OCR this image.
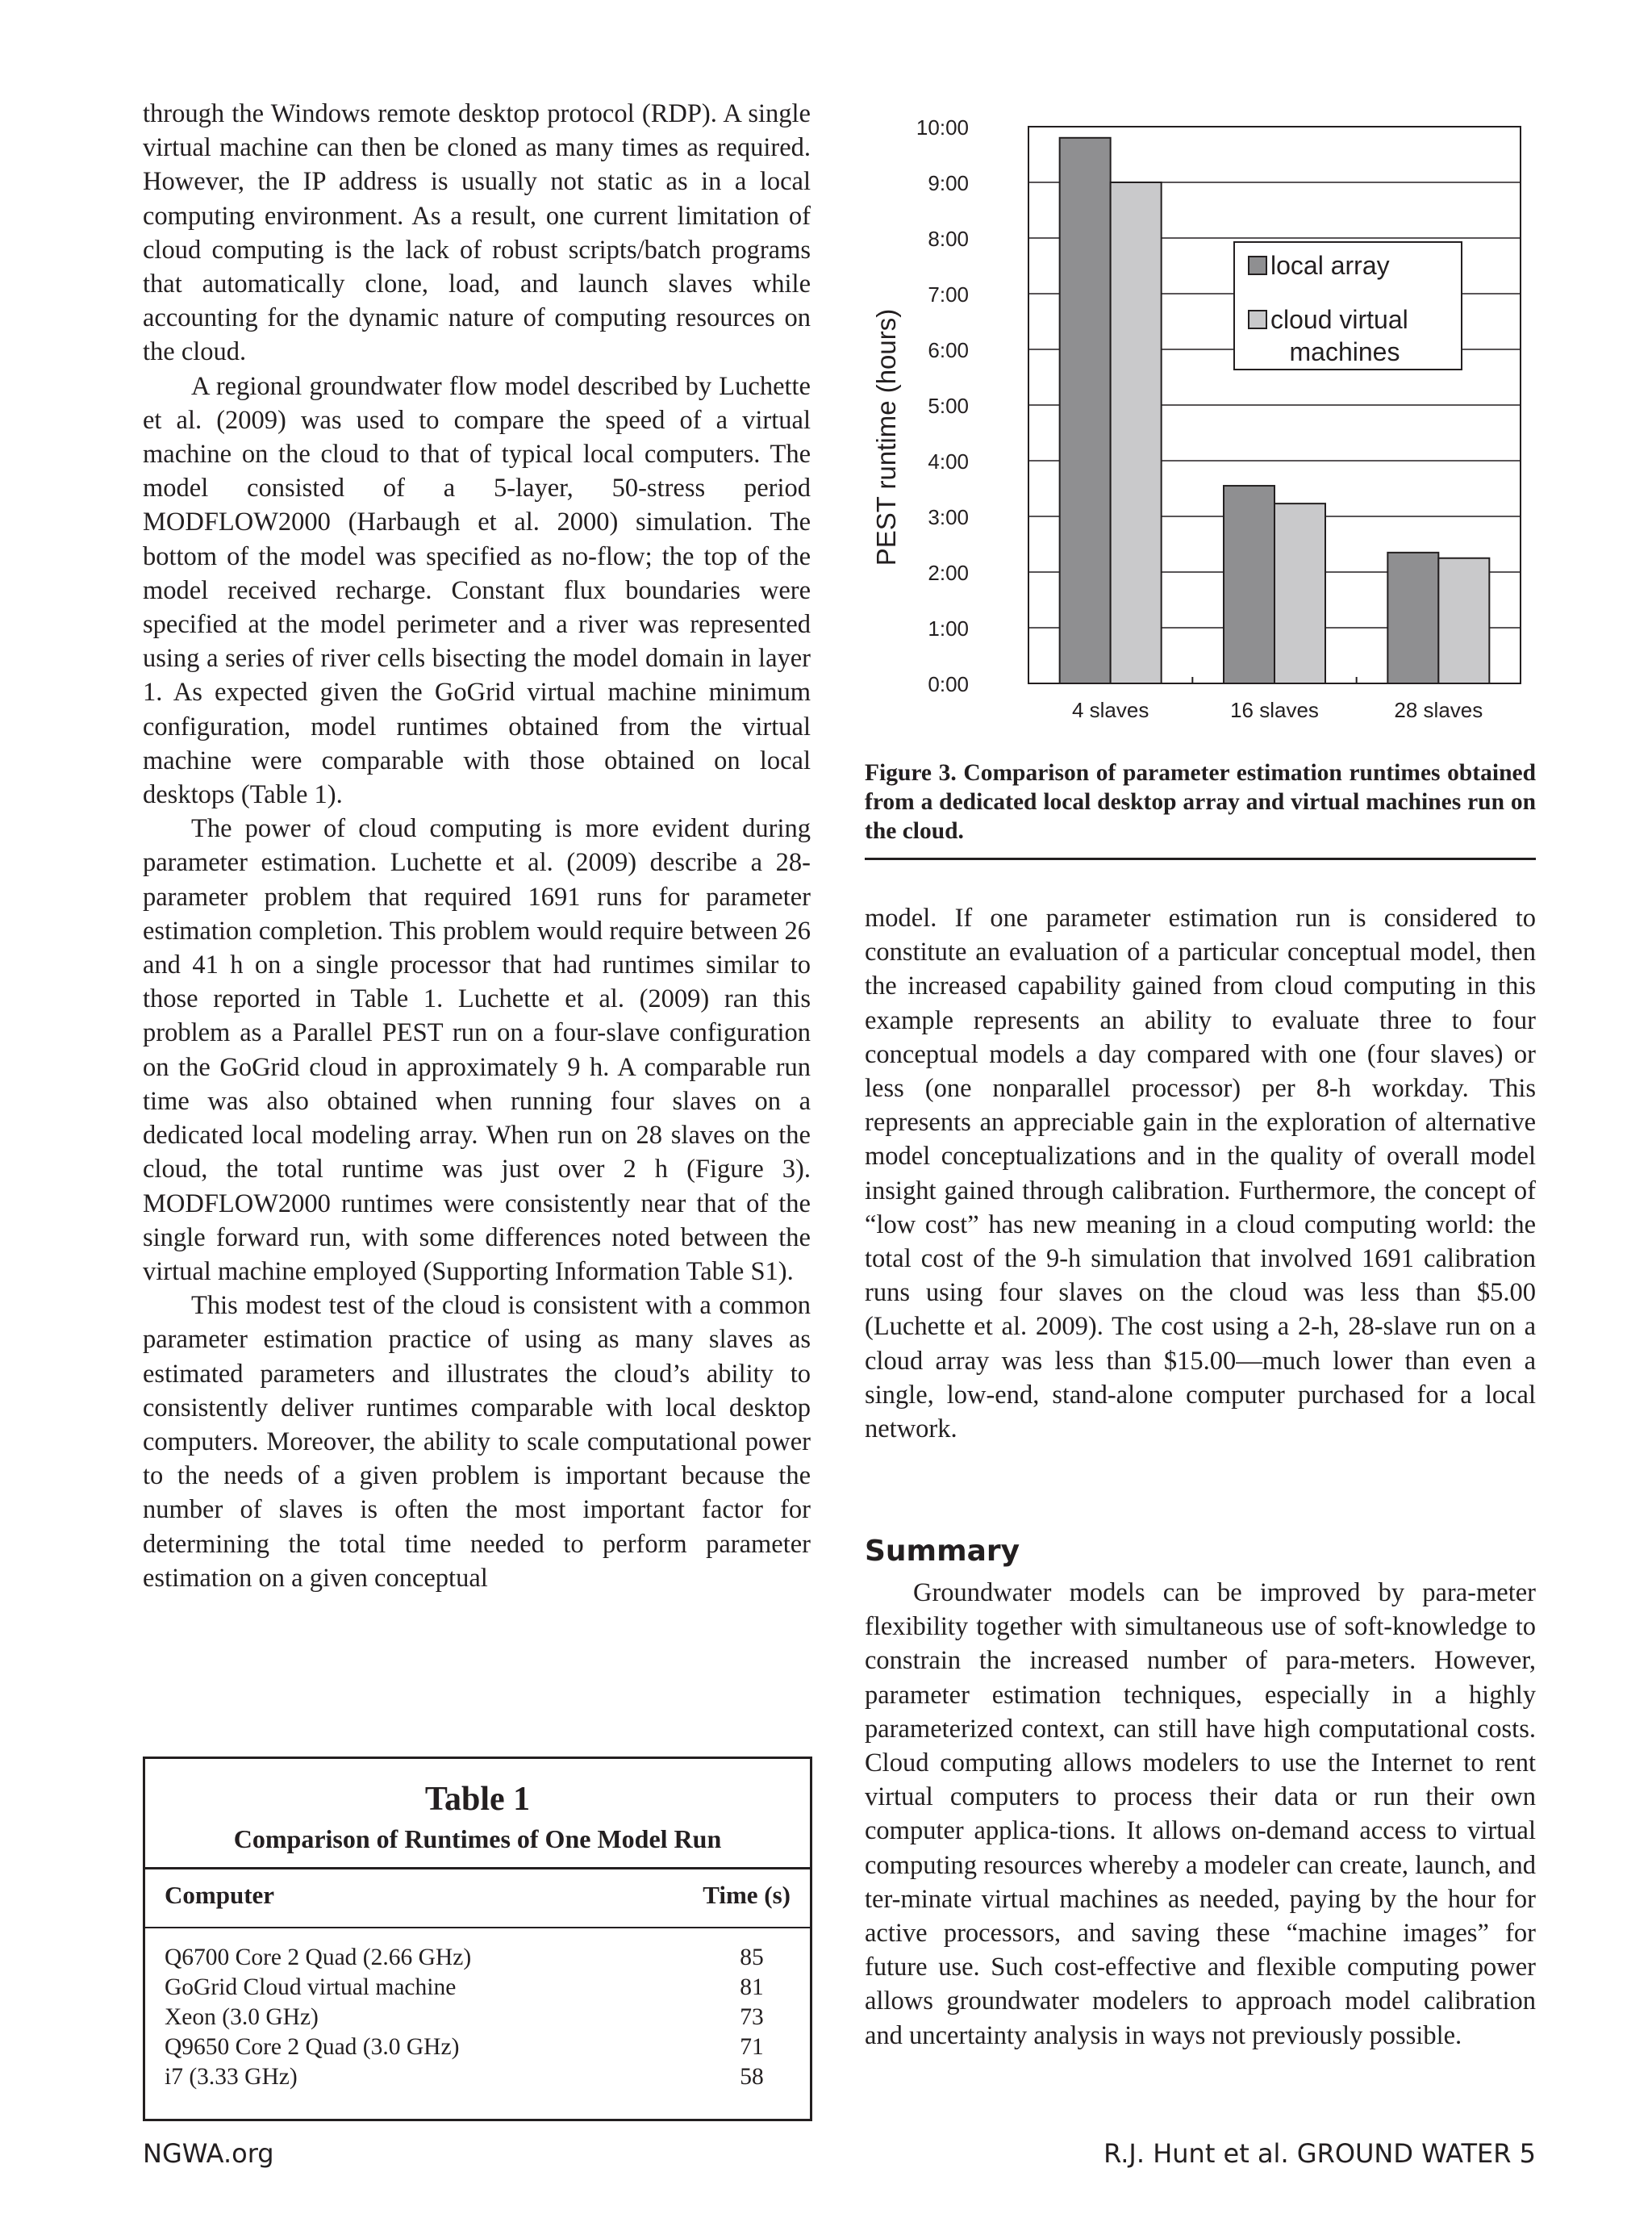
through the Windows remote desktop protocol (RDP). A single virtual machine can then be cloned as many times as required. However, the IP address is usually not static as in a local computing environment. As a result, one current limitation of cloud computing is the lack of robust scripts/batch programs that automatically clone, load, and launch slaves while accounting for the dynamic nature of computing resources on the cloud.

A regional groundwater flow model described by Luchette et al. (2009) was used to compare the speed of a virtual machine on the cloud to that of typical local computers. The model consisted of a 5-layer, 50-stress period MODFLOW2000 (Harbaugh et al. 2000) simulation. The bottom of the model was specified as no-flow; the top of the model received recharge. Constant flux boundaries were specified at the model perimeter and a river was represented using a series of river cells bisecting the model domain in layer 1. As expected given the GoGrid virtual machine minimum configuration, model runtimes obtained from the virtual machine were comparable with those obtained on local desktops (Table 1).

The power of cloud computing is more evident during parameter estimation. Luchette et al. (2009) describe a 28-parameter problem that required 1691 runs for parameter estimation completion. This problem would require between 26 and 41 h on a single processor that had runtimes similar to those reported in Table 1. Luchette et al. (2009) ran this problem as a Parallel PEST run on a four-slave configuration on the GoGrid cloud in approximately 9 h. A comparable run time was also obtained when running four slaves on a dedicated local modeling array. When run on 28 slaves on the cloud, the total runtime was just over 2 h (Figure 3). MODFLOW2000 runtimes were consistently near that of the single forward run, with some differences noted between the virtual machine employed (Supporting Information Table S1).

This modest test of the cloud is consistent with a common parameter estimation practice of using as many slaves as estimated parameters and illustrates the cloud’s ability to consistently deliver runtimes comparable with local desktop computers. Moreover, the ability to scale computational power to the needs of a given problem is important because the number of slaves is often the most important factor for determining the total time needed to perform parameter estimation on a given conceptual

Table 1
Comparison of Runtimes of One Model Run
Computer	Time (s)
Q6700 Core 2 Quad (2.66 GHz)	85
GoGrid Cloud virtual machine	81
Xeon (3.0 GHz)	73
Q9650 Core 2 Quad (3.0 GHz)	71
i7 (3.33 GHz)	58
0:00
1:00
2:00
3:00
4:00
5:00
6:00
7:00
8:00
9:00
10:00
4 slaves	16 slaves	28 slaves
PEST runtime (hours)
local array
cloud virtual
machines
Figure 3. Comparison of parameter estimation runtimes obtained from a dedicated local desktop array and virtual machines run on the cloud.

model. If one parameter estimation run is considered to constitute an evaluation of a particular conceptual model, then the increased capability gained from cloud computing in this example represents an ability to evaluate three to four conceptual models a day compared with one (four slaves) or less (one nonparallel processor) per 8-h workday. This represents an appreciable gain in the exploration of alternative model conceptualizations and in the quality of overall model insight gained through calibration. Furthermore, the concept of “low cost” has new meaning in a cloud computing world: the total cost of the 9-h simulation that involved 1691 calibration runs using four slaves on the cloud was less than $5.00 (Luchette et al. 2009). The cost using a 2-h, 28-slave run on a cloud array was less than $15.00—much lower than even a single, low-end, stand-alone computer purchased for a local network.

Summary

Groundwater models can be improved by para-meter flexibility together with simultaneous use of soft-knowledge to constrain the increased number of para-meters. However, parameter estimation techniques, especially in a highly parameterized context, can still have high computational costs. Cloud computing allows modelers to use the Internet to rent virtual computers to process their data or run their own computer applica-tions. It allows on-demand access to virtual computing resources whereby a modeler can create, launch, and ter-minate virtual machines as needed, paying by the hour for active processors, and saving these “machine images” for future use. Such cost-effective and flexible computing power allows groundwater modelers to approach model calibration and uncertainty analysis in ways not previously possible.

NGWA.org	R.J. Hunt et al. GROUND WATER 5
